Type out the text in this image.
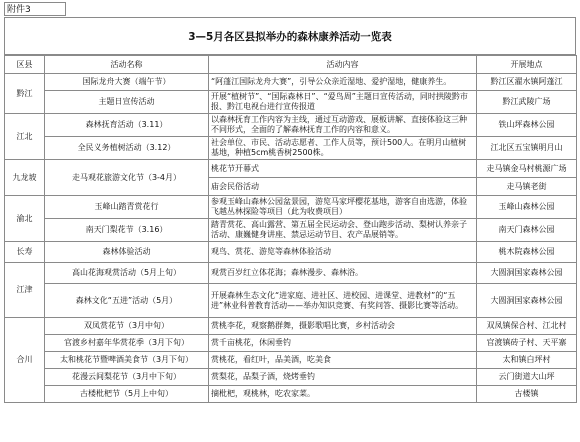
附件3
3—5月各区县拟举办的森林康养活动一览表
区县	活动名称	活动内容	开展地点
黔江	国际龙舟大赛（端午节）	“阿蓬江国际龙舟大赛”，引导公众亲近湿地、爱护湿地，健康养生。	黔江区濯水镇阿蓬江
	主题日宣传活动	开展“植树节”、“国际森林日”、“爱鸟周”主题日宣传活动，同时拱陵黔市报、黔江电视台进行宣传报道	黔江武陵广场
江北	森林抚育活动（3.11）	以森林抚育工作内容为主线，通过互动游戏、展板讲解、直接体验这三种不同形式，全面的了解森林抚育工作的内容和意义。	铁山坪森林公园
	全民义务植树活动（3.12）	社会单位、市民、活动志愿者、工作人员等，预计500人。在明月山植树基地，种植5cm桃香树2500株。	江北区五宝镇明月山
九龙坡	走马观花旅游文化节（3-4月）	桃花节开幕式	走马镇金马村桃源广场
		庙会民俗活动	走马镇老街
渝北	玉峰山踏青赏花行	参观玉峰山森林公园盆景园，游览马家坪樱花基地，游客自由选游，体验飞越丛林探险等项目（此为收费项目）	玉峰山森林公园
	南天门梨花节（3.16）	踏青赏花、高山露营、第五届全民运动会、登山跑步活动、梨树认养亲子活动、康巍健身讲座、禁忌运动节目、农产品展销等。	南天门森林公园
长寿	森林体验活动	观鸟、赏花、游览等森林体验活动	桃木院森林公园
江津	高山花海观赏活动（5月上旬）	观赏百岁红立体花海；森林漫步、森林浴。	大圆洞国家森林公园
	森林文化“五进”活动（5月）	开展森林生态文化“进家庭、进社区、进校园、进课堂、进教材”的“五进”林业科普教育活动——举办知识竞赛、有奖问答、摄影比赛等活动。	大圆洞国家森林公园
合川	双凤赏花节（3月中旬）	赏桃李花，观察鹅群舞，摄影歌唱比赛，乡村活动会	双凤镇保合村、江北村
	官渡乡村嘉年华赏花季（3月下旬）	赏千亩桃花，休闲垂钓	官渡镇砖子村、天平寨
	太和桃花节暨啤酒美食节（3月下旬）	赏桃花，看红叶，品美酒，吃美食	太和镇白坪村
	花漫云间梨花节（3月中下旬）	赏梨花，品梨子酒，烧烤垂钓	云门街道大山坪
	古楼枇杷节（5月上中旬）	摘枇杷，观桃林，吃农家菜。	古楼镇
